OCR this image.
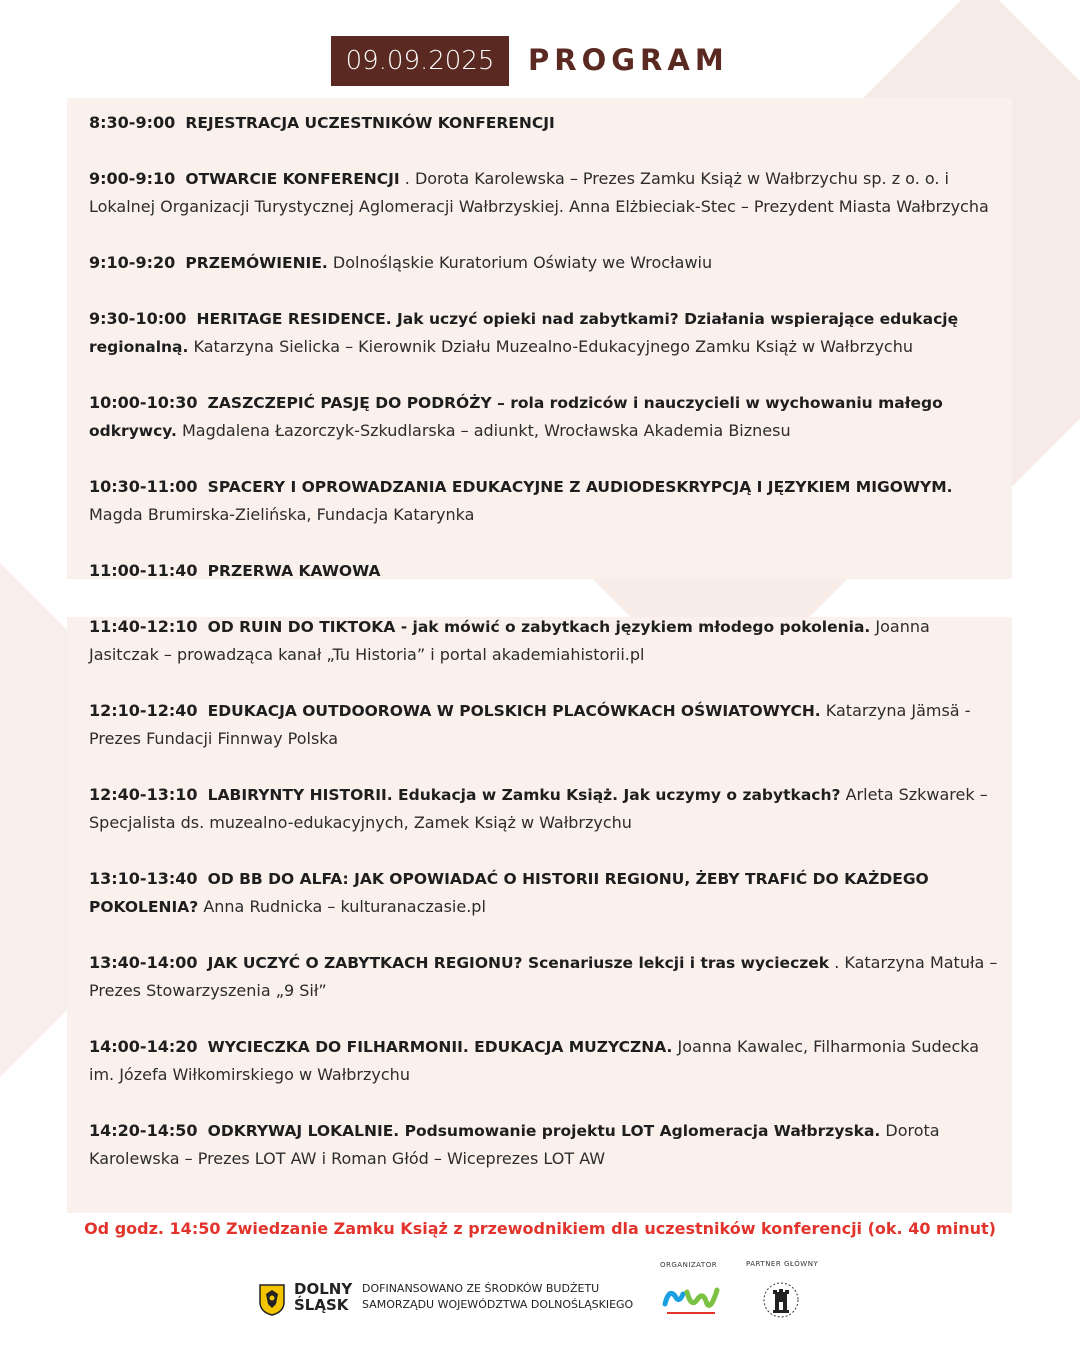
09.09.2025	PROGRAM
8:30-9:00 REJESTRACJA UCZESTNIKÓW KONFERENCJI
9:00-9:10 OTWARCIE KONFERENCJI . Dorota Karolewska – Prezes Zamku Książ w Wałbrzychu sp. z o. o. i Lokalnej Organizacji Turystycznej Aglomeracji Wałbrzyskiej. Anna Elżbieciak-Stec – Prezydent Miasta Wałbrzycha
9:10-9:20 PRZEMÓWIENIE. Dolnośląskie Kuratorium Oświaty we Wrocławiu
9:30-10:00 HERITAGE RESIDENCE. Jak uczyć opieki nad zabytkami? Działania wspierające edukację regionalną. Katarzyna Sielicka – Kierownik Działu Muzealno-Edukacyjnego Zamku Książ w Wałbrzychu
10:00-10:30 ZASZCZEPIĆ PASJĘ DO PODRÓŻY – rola rodziców i nauczycieli w wychowaniu małego odkrywcy. Magdalena Łazorczyk-Szkudlarska – adiunkt, Wrocławska Akademia Biznesu
10:30-11:00 SPACERY I OPROWADZANIA EDUKACYJNE Z AUDIODESKRYPCJĄ I JĘZYKIEM MIGOWYM. Magda Brumirska-Zielińska, Fundacja Katarynka
11:00-11:40 PRZERWA KAWOWA
11:40-12:10 OD RUIN DO TIKTOKA - jak mówić o zabytkach językiem młodego pokolenia. Joanna Jasitczak – prowadząca kanał „Tu Historia” i portal akademiahistorii.pl
12:10-12:40 EDUKACJA OUTDOOROWA W POLSKICH PLACÓWKACH OŚWIATOWYCH. Katarzyna Jämsä - Prezes Fundacji Finnway Polska
12:40-13:10 LABIRYNTY HISTORII. Edukacja w Zamku Książ. Jak uczymy o zabytkach? Arleta Szkwarek – Specjalista ds. muzealno-edukacyjnych, Zamek Książ w Wałbrzychu
13:10-13:40 OD BB DO ALFA: JAK OPOWIADAĆ O HISTORII REGIONU, ŻEBY TRAFIĆ DO KAŻDEGO POKOLENIA? Anna Rudnicka – kulturanaczasie.pl
13:40-14:00 JAK UCZYĆ O ZABYTKACH REGIONU? Scenariusze lekcji i tras wycieczek . Katarzyna Matuła – Prezes Stowarzyszenia „9 Sił”
14:00-14:20 WYCIECZKA DO FILHARMONII. EDUKACJA MUZYCZNA. Joanna Kawalec, Filharmonia Sudecka im. Józefa Wiłkomirskiego w Wałbrzychu
14:20-14:50 ODKRYWAJ LOKALNIE. Podsumowanie projektu LOT Aglomeracja Wałbrzyska. Dorota Karolewska – Prezes LOT AW i Roman Głód – Wiceprezes LOT AW
Od godz. 14:50 Zwiedzanie Zamku Książ z przewodnikiem dla uczestników konferencji (ok. 40 minut)
DOLNY
ŚLĄSK
DOFINANSOWANO ZE ŚRODKÓW BUDŻETU
SAMORZĄDU WOJEWÓDZTWA DOLNOŚLĄSKIEGO
ORGANIZATOR	PARTNER GŁÓWNY
